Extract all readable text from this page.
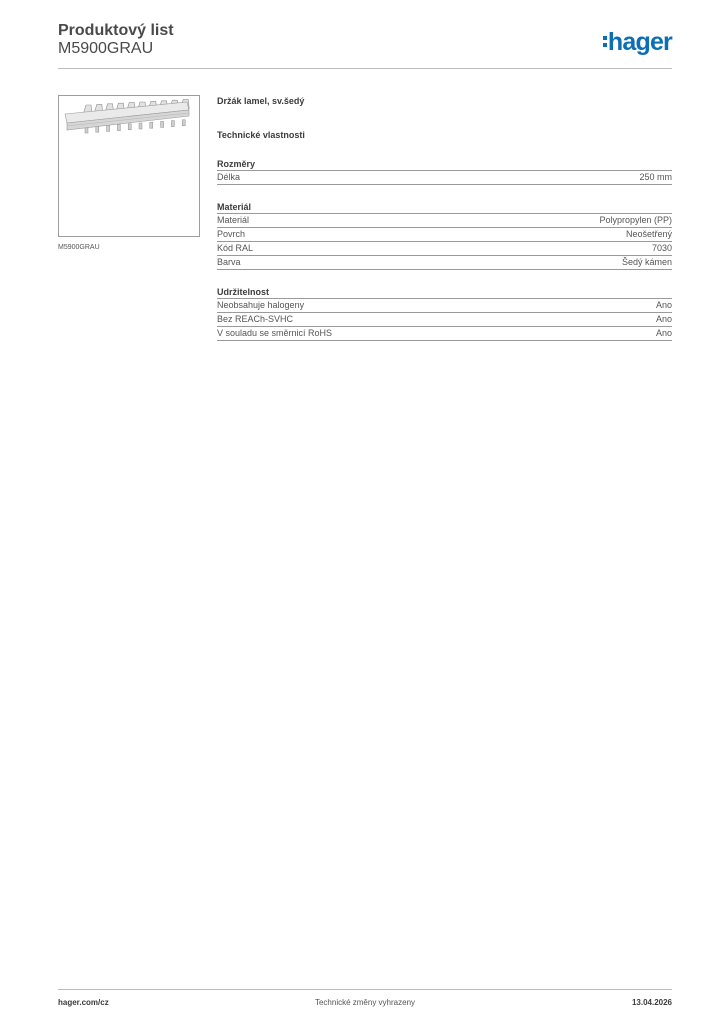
Produktový list
M5900GRAU	hager
M5900GRAU
Držák lamel, sv.šedý
Technické vlastnosti
Rozměry
Délka	250 mm
Materiál
Materiál	Polypropylen (PP)
Povrch	Neošetřený
Kód RAL	7030
Barva	Šedý kámen
Udržitelnost
Neobsahuje halogeny	Ano
Bez REACh-SVHC	Ano
V souladu se směrnicí RoHS	Ano
hager.com/cz	Technické změny vyhrazeny	13.04.2026
